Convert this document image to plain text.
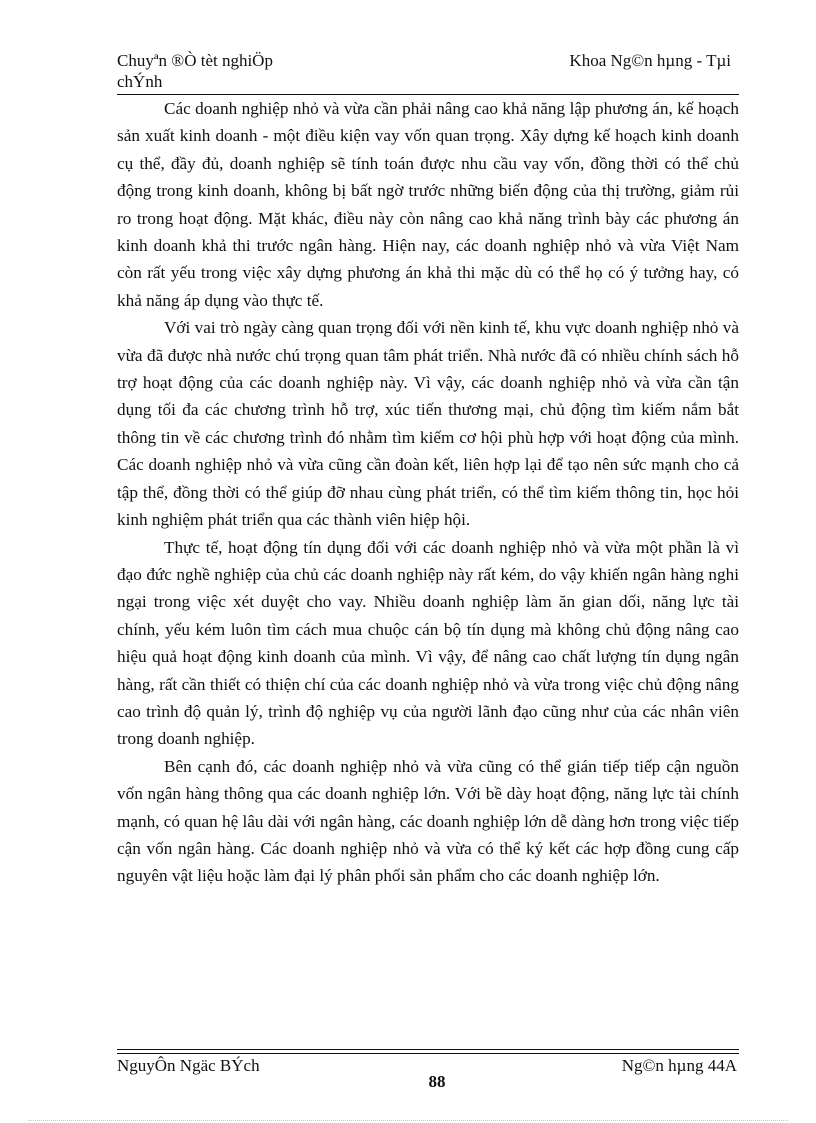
Chuyªn ®Ò tèt nghiÖp
chÝnh
Khoa Ng©n hµng - Tµi

Các doanh nghiệp nhỏ và vừa cần phải nâng cao khả năng lập phương án, kế hoạch sản xuất kinh doanh - một điều kiện vay vốn quan trọng. Xây dựng kế hoạch kinh doanh cụ thể, đầy đủ, doanh nghiệp sẽ tính toán được nhu cầu vay vốn, đồng thời có thể chủ động trong kinh doanh, không bị bất ngờ trước những biến động của thị trường, giảm rủi ro trong hoạt động. Mặt khác, điều này còn nâng cao khả năng trình bày các phương án kinh doanh khả thi trước ngân hàng. Hiện nay, các doanh nghiệp nhỏ và vừa Việt Nam còn rất yếu trong việc xây dựng phương án khả thi mặc dù có thể họ có ý tưởng hay, có khả năng áp dụng vào thực tế.

Với vai trò ngày càng quan trọng đối với nền kinh tế, khu vực doanh nghiệp nhỏ và vừa đã được nhà nước chú trọng quan tâm phát triển. Nhà nước đã có nhiều chính sách hỗ trợ hoạt động của các doanh nghiệp này. Vì vậy, các doanh nghiệp nhỏ và vừa cần tận dụng tối đa các chương trình hỗ trợ, xúc tiến thương mại, chủ động tìm kiếm nắm bắt thông tin về các chương trình đó nhằm tìm kiếm cơ hội phù hợp với hoạt động của mình. Các doanh nghiệp nhỏ và vừa cũng cần đoàn kết, liên hợp lại để tạo nên sức mạnh cho cả tập thể, đồng thời có thể giúp đỡ nhau cùng phát triển, có thể tìm kiếm thông tin, học hỏi kinh nghiệm phát triển qua các thành viên hiệp hội.

Thực tế, hoạt động tín dụng đối với các doanh nghiệp nhỏ và vừa một phần là vì đạo đức nghề nghiệp của chủ các doanh nghiệp này rất kém, do vậy khiến ngân hàng nghi ngại trong việc xét duyệt cho vay. Nhiều doanh nghiệp làm ăn gian dối, năng lực tài chính, yếu kém luôn tìm cách mua chuộc cán bộ tín dụng mà không chủ động nâng cao hiệu quả hoạt động kinh doanh của mình. Vì vậy, để nâng cao chất lượng tín dụng ngân hàng, rất cần thiết có thiện chí của các doanh nghiệp nhỏ và vừa trong việc chủ động nâng cao trình độ quản lý, trình độ nghiệp vụ của người lãnh đạo cũng như của các nhân viên trong doanh nghiệp.

Bên cạnh đó, các doanh nghiệp nhỏ và vừa cũng có thể gián tiếp tiếp cận nguồn vốn ngân hàng thông qua các doanh nghiệp lớn. Với bề dày hoạt động, năng lực tài chính mạnh, có quan hệ lâu dài với ngân hàng, các doanh nghiệp lớn dễ dàng hơn trong việc tiếp cận vốn ngân hàng. Các doanh nghiệp nhỏ và vừa có thể ký kết các hợp đồng cung cấp nguyên vật liệu hoặc làm đại lý phân phối sản phẩm cho các doanh nghiệp lớn.

NguyÔn Ngäc BÝch	Ng©n hµng 44A
88
